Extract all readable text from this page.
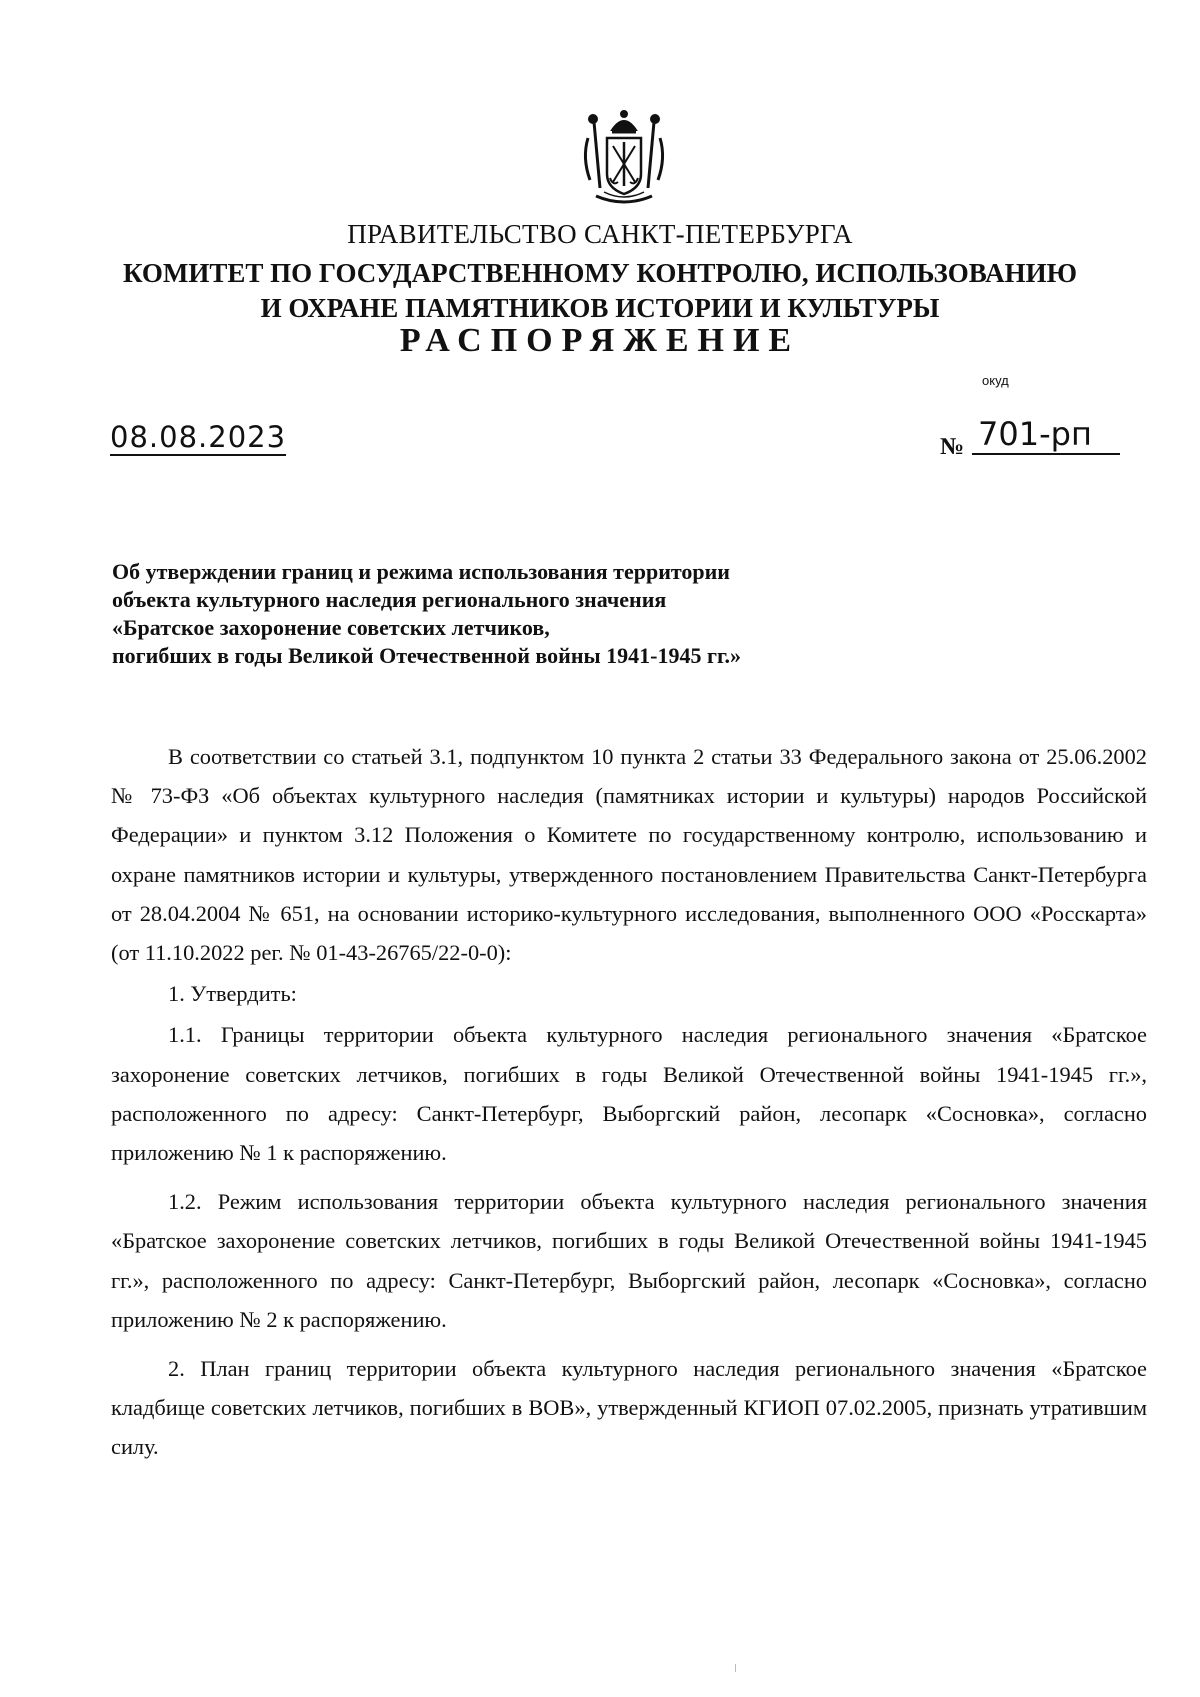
ПРАВИТЕЛЬСТВО САНКТ-ПЕТЕРБУРГА
КОМИТЕТ ПО ГОСУДАРСТВЕННОМУ КОНТРОЛЮ, ИСПОЛЬЗОВАНИЮ
И ОХРАНЕ ПАМЯТНИКОВ ИСТОРИИ И КУЛЬТУРЫ
РАСПОРЯЖЕНИЕ
окуд
08.08.2023	№ 701-рп
Об утверждении границ и режима использования территории
объекта культурного наследия регионального значения
«Братское захоронение советских летчиков,
погибших в годы Великой Отечественной войны 1941-1945 гг.»

В соответствии со статьей 3.1, подпунктом 10 пункта 2 статьи 33 Федерального закона от 25.06.2002 № 73-ФЗ «Об объектах культурного наследия (памятниках истории и культуры) народов Российской Федерации» и пунктом 3.12 Положения о Комитете по государственному контролю, использованию и охране памятников истории и культуры, утвержденного постановлением Правительства Санкт-Петербурга от 28.04.2004 № 651, на основании историко-культурного исследования, выполненного ООО «Росскарта» (от 11.10.2022 рег. № 01-43-26765/22-0-0):

1. Утвердить:

1.1. Границы территории объекта культурного наследия регионального значения «Братское захоронение советских летчиков, погибших в годы Великой Отечественной войны 1941-1945 гг.», расположенного по адресу: Санкт-Петербург, Выборгский район, лесопарк «Сосновка», согласно приложению № 1 к распоряжению.

1.2. Режим использования территории объекта культурного наследия регионального значения «Братское захоронение советских летчиков, погибших в годы Великой Отечественной войны 1941-1945 гг.», расположенного по адресу: Санкт-Петербург, Выборгский район, лесопарк «Сосновка», согласно приложению № 2 к распоряжению.

2. План границ территории объекта культурного наследия регионального значения «Братское кладбище советских летчиков, погибших в ВОВ», утвержденный КГИОП 07.02.2005, признать утратившим силу.
